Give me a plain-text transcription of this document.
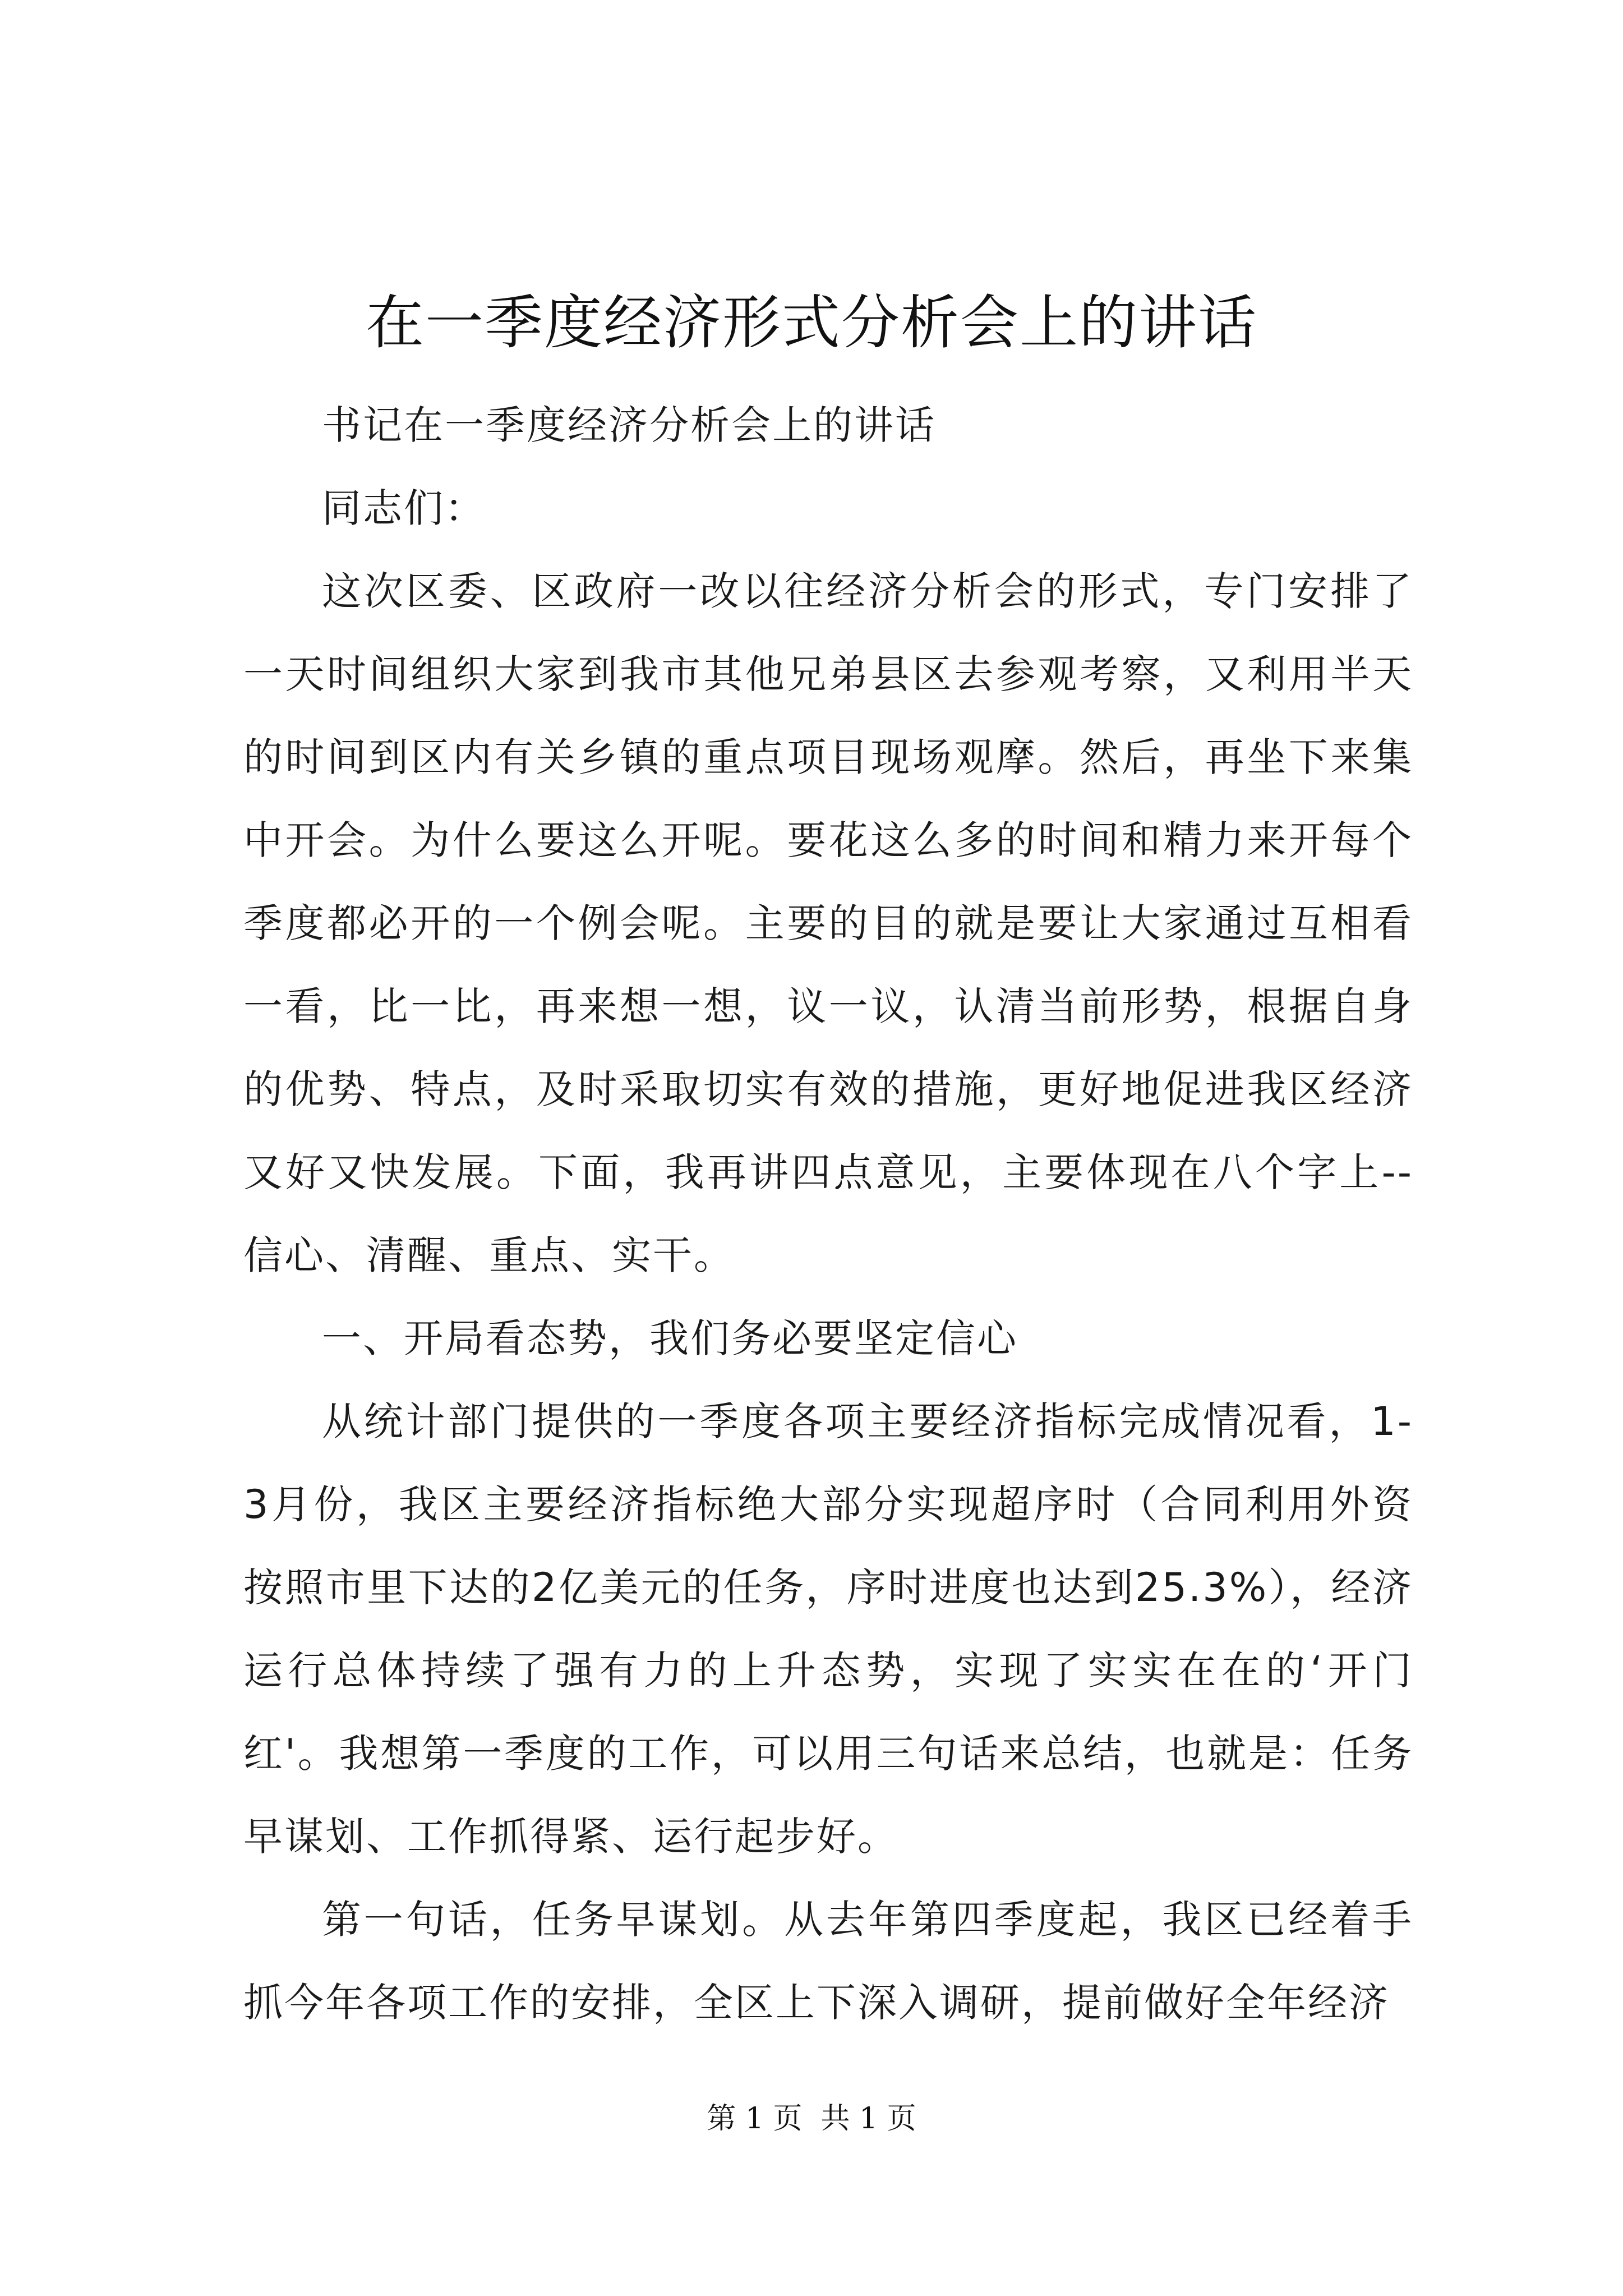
在一季度经济形式分析会上的讲话

书记在一季度经济分析会上的讲话

同志们：

这次区委、区政府一改以往经济分析会的形式，专门安排了一天时间组织大家到我市其他兄弟县区去参观考察，又利用半天的时间到区内有关乡镇的重点项目现场观摩。然后，再坐下来集中开会。为什么要这么开呢。要花这么多的时间和精力来开每个季度都必开的一个例会呢。主要的目的就是要让大家通过互相看一看，比一比，再来想一想，议一议，认清当前形势，根据自身的优势、特点，及时采取切实有效的措施，更好地促进我区经济又好又快发展。下面，我再讲四点意见，主要体现在八个字上--信心、清醒、重点、实干。

一、开局看态势，我们务必要坚定信心

从统计部门提供的一季度各项主要经济指标完成情况看，1-3月份，我区主要经济指标绝大部分实现超序时（合同利用外资按照市里下达的2亿美元的任务，序时进度也达到25.3%），经济运行总体持续了强有力的上升态势，实现了实实在在的‘开门红'。我想第一季度的工作，可以用三句话来总结，也就是：任务早谋划、工作抓得紧、运行起步好。

第一句话，任务早谋划。从去年第四季度起，我区已经着手抓今年各项工作的安排，全区上下深入调研，提前做好全年经济

第 1 页  共 1 页
